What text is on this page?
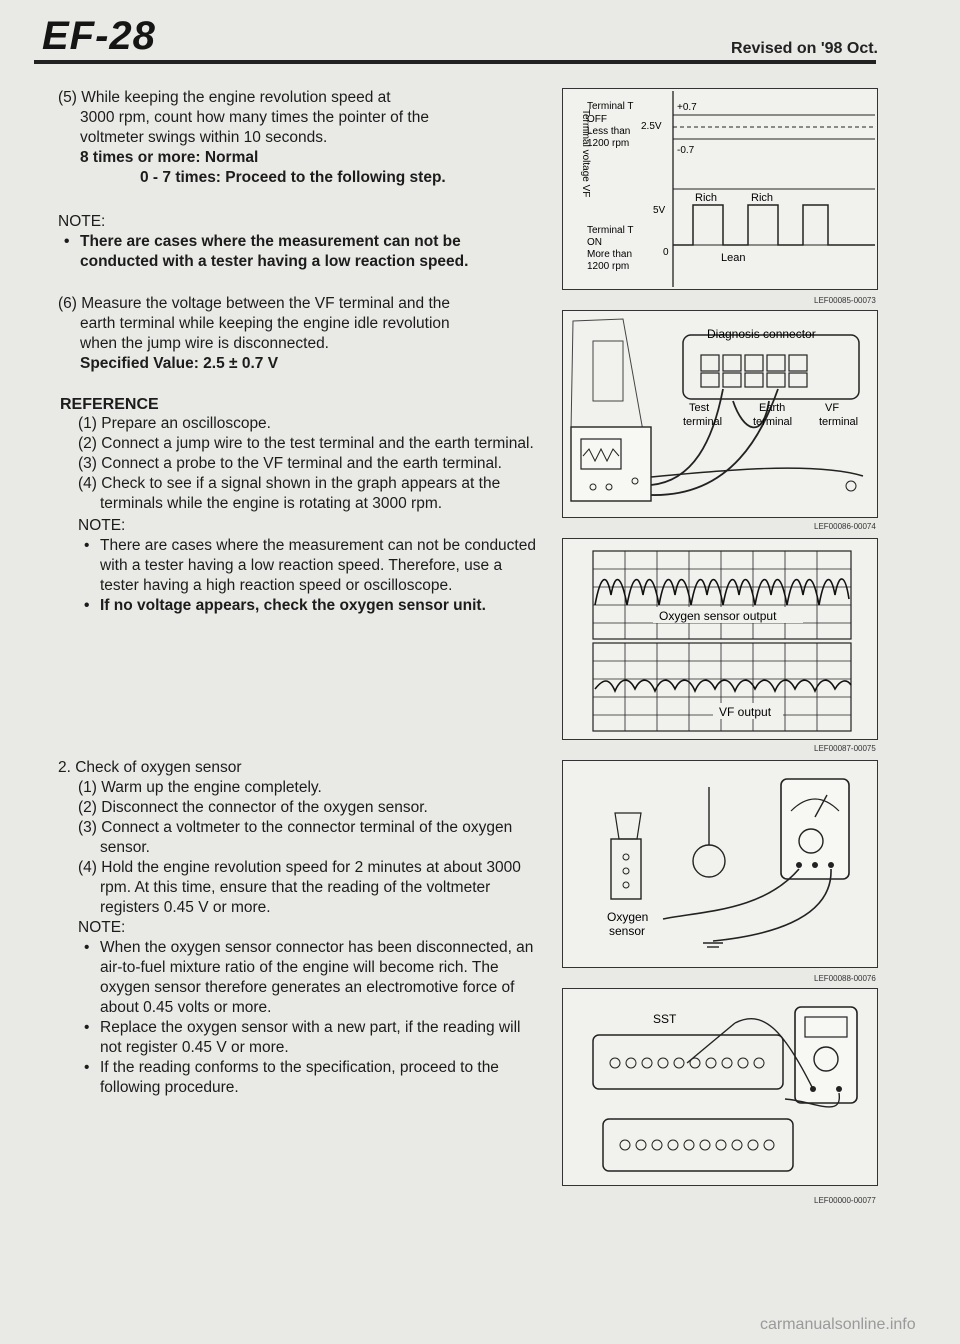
EF-28	Revised on '98 Oct.

(5) While keeping the engine revolution speed at

3000 rpm, count how many times the pointer of the

voltmeter swings within 10 seconds.

8 times or more: Normal

0 - 7 times: Proceed to the following step.

NOTE:

• There are cases where the measurement can not be conducted with a tester having a low reaction speed.

(6) Measure the voltage between the VF terminal and the

earth terminal while keeping the engine idle revolution

when the jump wire is disconnected.

Specified Value: 2.5 ± 0.7 V

REFERENCE

(1) Prepare an oscilloscope.

(2) Connect a jump wire to the test terminal and the earth terminal.

(3) Connect a probe to the VF terminal and the earth terminal.

(4) Check to see if a signal shown in the graph appears at the terminals while the engine is rotating at 3000 rpm.

NOTE:

• There are cases where the measurement can not be conducted with a tester having a low reaction speed. Therefore, use a tester having a high reaction speed or oscilloscope.
• If no voltage appears, check the oxygen sensor unit.

2. Check of oxygen sensor

(1) Warm up the engine completely.

(2) Disconnect the connector of the oxygen sensor.

(3) Connect a voltmeter to the connector terminal of the oxygen sensor.

(4) Hold the engine revolution speed for 2 minutes at about 3000 rpm. At this time, ensure that the reading of the voltmeter registers 0.45 V or more.

NOTE:

• When the oxygen sensor connector has been disconnected, an air-to-fuel mixture ratio of the engine will become rich. The oxygen sensor therefore generates an electromotive force of about 0.45 volts or more.
• Replace the oxygen sensor with a new part, if the reading will not register 0.45 V or more.
• If the reading conforms to the specification, proceed to the following procedure.
Terminal voltage VF
Terminal T
OFF
Less than
1200 rpm
2.5V
+0.7
-0.7
5V
Terminal T
ON
More than
1200 rpm
0
Rich	Rich
Lean
LEF00085-00073
Diagnosis connector
Test
terminal
Earth
terminal
VF
terminal
LEF00086-00074
Oxygen sensor output
VF output
LEF00087-00075
Oxygen
sensor
LEF00088-00076
SST
LEF00000-00077
carmanualsonline.info
